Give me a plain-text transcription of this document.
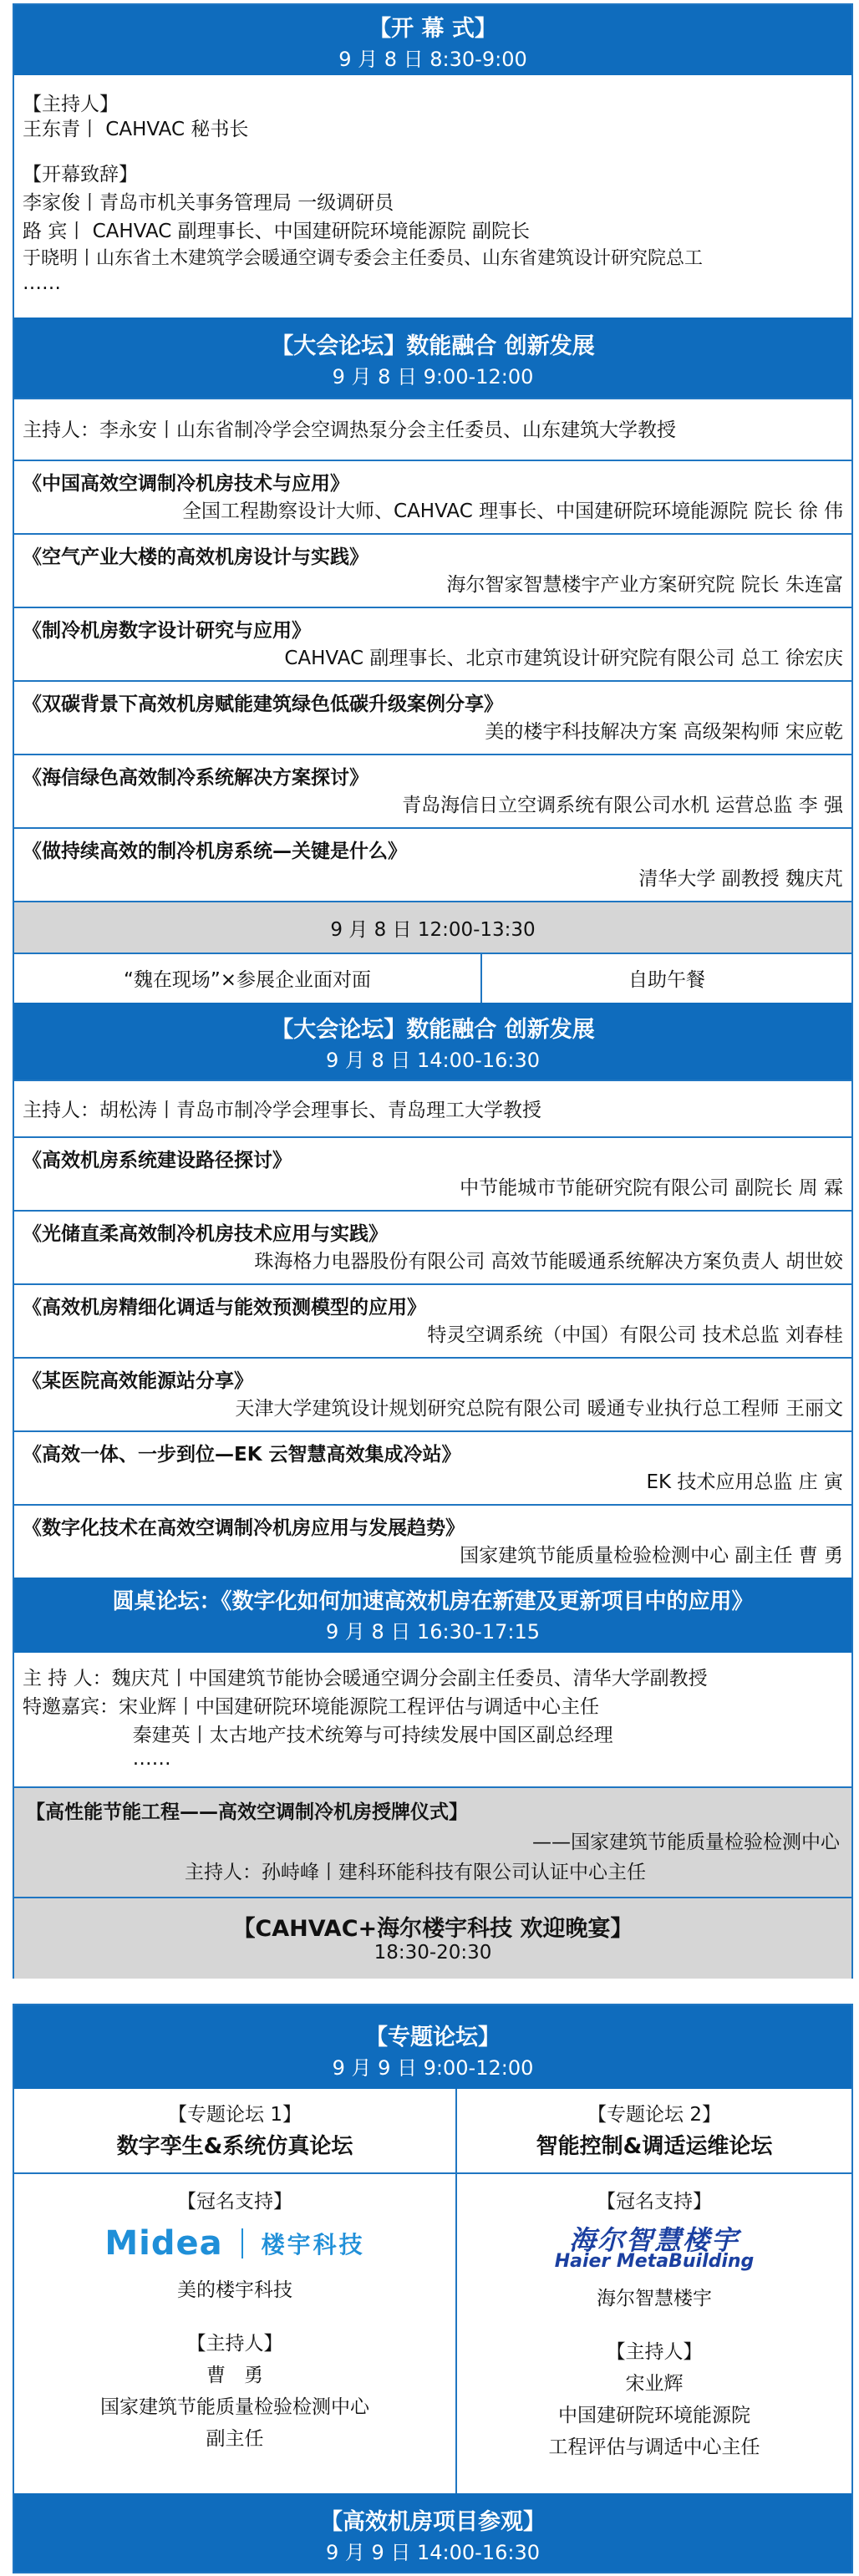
【开 幕 式】
9 月 8 日 8:30-9:00
【主持人】
王东青丨 CAHVAC 秘书长
【开幕致辞】
李家俊丨青岛市机关事务管理局 一级调研员
路 宾丨 CAHVAC 副理事长、中国建研院环境能源院 副院长
于晓明丨山东省土木建筑学会暖通空调专委会主任委员、山东省建筑设计研究院总工
……
【大会论坛】数能融合 创新发展
9 月 8 日 9:00-12:00
主持人：李永安丨山东省制冷学会空调热泵分会主任委员、山东建筑大学教授
《中国高效空调制冷机房技术与应用》
全国工程勘察设计大师、CAHVAC 理事长、中国建研院环境能源院 院长 徐 伟
《空气产业大楼的高效机房设计与实践》
海尔智家智慧楼宇产业方案研究院 院长 朱连富
《制冷机房数字设计研究与应用》
CAHVAC 副理事长、北京市建筑设计研究院有限公司 总工 徐宏庆
《双碳背景下高效机房赋能建筑绿色低碳升级案例分享》
美的楼宇科技解决方案 高级架构师 宋应乾
《海信绿色高效制冷系统解决方案探讨》
青岛海信日立空调系统有限公司水机 运营总监 李 强
《做持续高效的制冷机房系统—关键是什么》
清华大学 副教授 魏庆芃
9 月 8 日 12:00-13:30
“魏在现场”×参展企业面对面	自助午餐
【大会论坛】数能融合 创新发展
9 月 8 日 14:00-16:30
主持人：胡松涛丨青岛市制冷学会理事长、青岛理工大学教授
《高效机房系统建设路径探讨》
中节能城市节能研究院有限公司 副院长 周 霖
《光储直柔高效制冷机房技术应用与实践》
珠海格力电器股份有限公司 高效节能暖通系统解决方案负责人 胡世姣
《高效机房精细化调适与能效预测模型的应用》
特灵空调系统（中国）有限公司 技术总监 刘春桂
《某医院高效能源站分享》
天津大学建筑设计规划研究总院有限公司 暖通专业执行总工程师 王丽文
《高效一体、一步到位—EK 云智慧高效集成冷站》
EK 技术应用总监 庄 寅
《数字化技术在高效空调制冷机房应用与发展趋势》
国家建筑节能质量检验检测中心 副主任 曹 勇
圆桌论坛：《数字化如何加速高效机房在新建及更新项目中的应用》
9 月 8 日 16:30-17:15
主 持 人：魏庆芃丨中国建筑节能协会暖通空调分会副主任委员、清华大学副教授
特邀嘉宾：宋业辉丨中国建研院环境能源院工程评估与调适中心主任
秦建英丨太古地产技术统筹与可持续发展中国区副总经理
……
【高性能节能工程——高效空调制冷机房授牌仪式】
——国家建筑节能质量检验检测中心
主持人：孙峙峰丨建科环能科技有限公司认证中心主任
【CAHVAC+海尔楼宇科技 欢迎晚宴】
18:30-20:30
【专题论坛】
9 月 9 日 9:00-12:00
【专题论坛 1】
数字孪生&系统仿真论坛
【冠名支持】
Midea 楼宇科技
美的楼宇科技
【主持人】
曹   勇
国家建筑节能质量检验检测中心
副主任
【专题论坛 2】
智能控制&调适运维论坛
【冠名支持】
海尔智慧楼宇
Haier MetaBuilding
海尔智慧楼宇
【主持人】
宋业辉
中国建研院环境能源院
工程评估与调适中心主任
【高效机房项目参观】
9 月 9 日 14:00-16:30
